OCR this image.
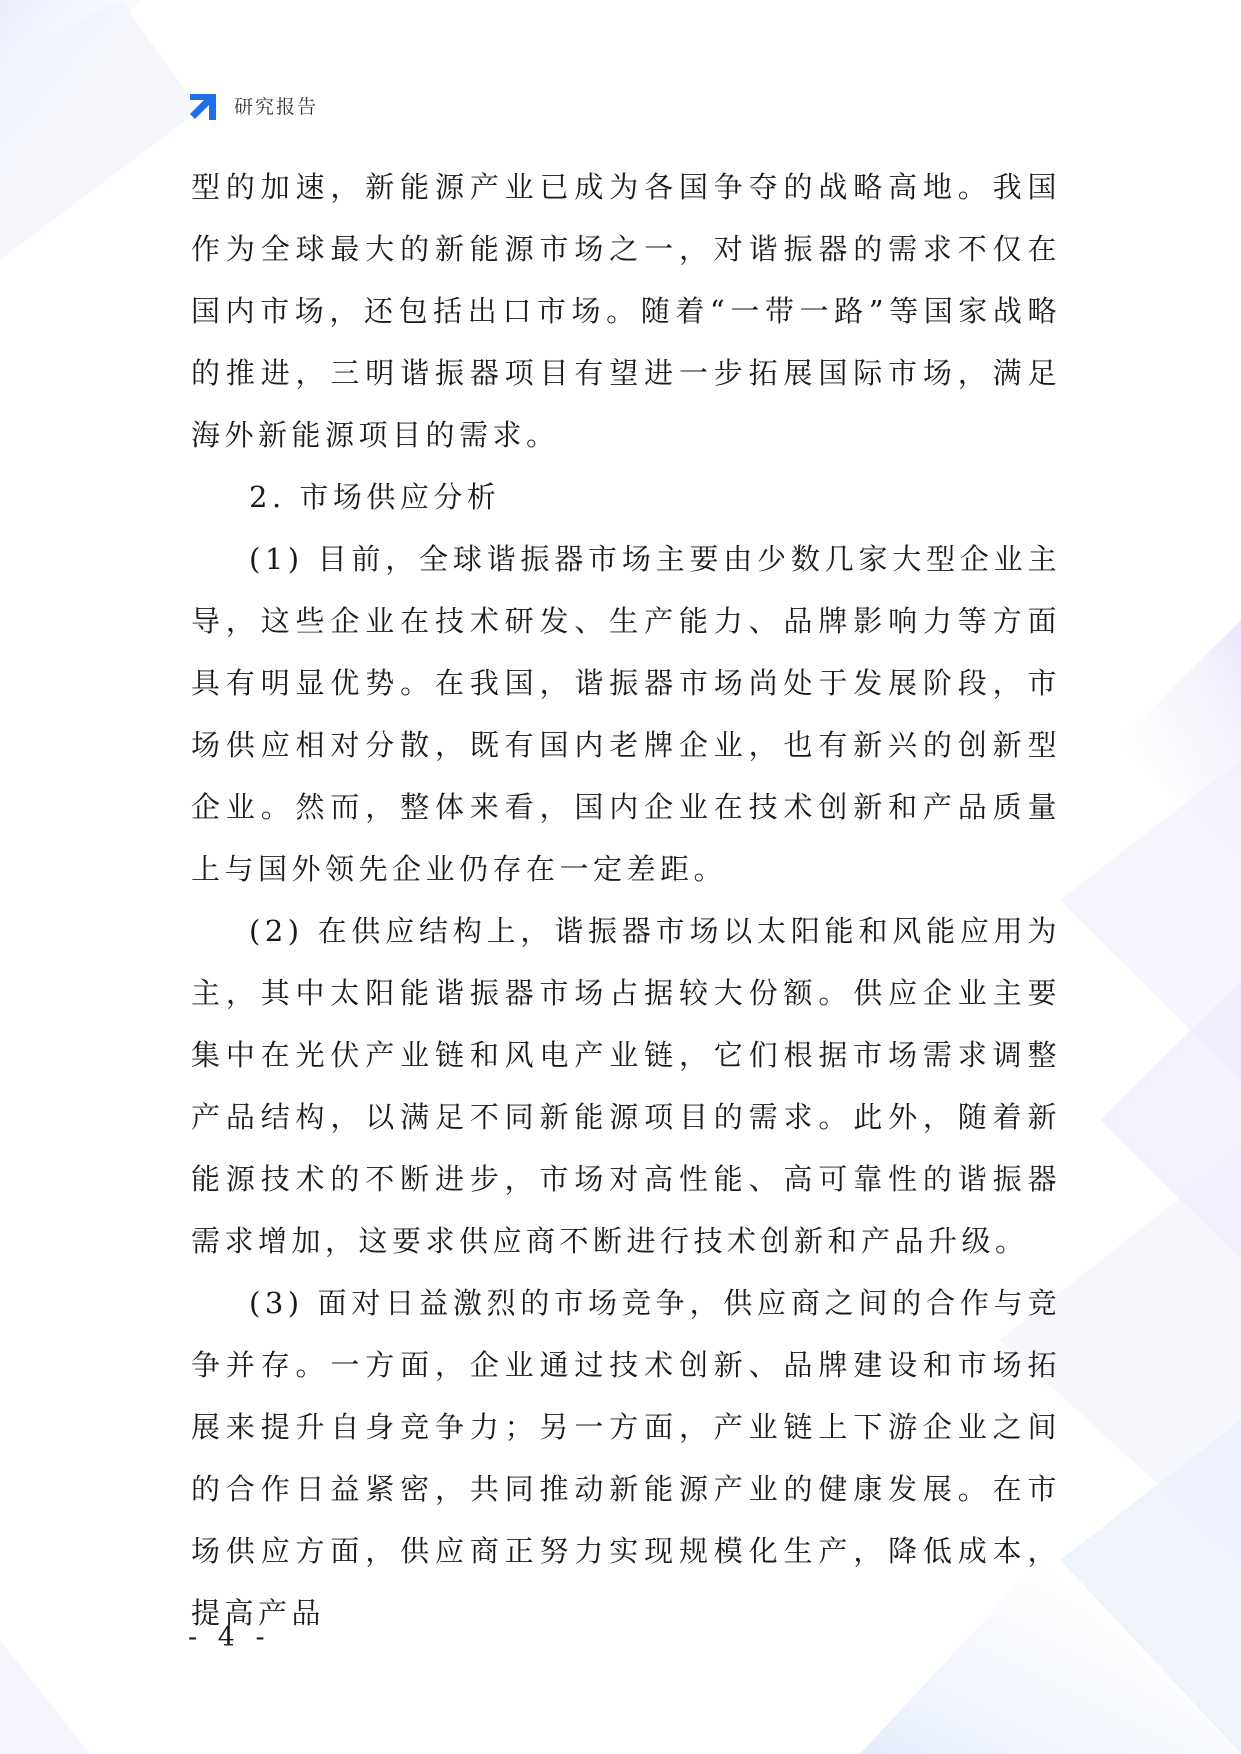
研究报告

型的加速，新能源产业已成为各国争夺的战略高地。我国作为全球最大的新能源市场之一，对谐振器的需求不仅在国内市场，还包括出口市场。随着“一带一路”等国家战略的推进，三明谐振器项目有望进一步拓展国际市场，满足海外新能源项目的需求。

2. 市场供应分析

(1) 目前，全球谐振器市场主要由少数几家大型企业主导，这些企业在技术研发、生产能力、品牌影响力等方面具有明显优势。在我国，谐振器市场尚处于发展阶段，市场供应相对分散，既有国内老牌企业，也有新兴的创新型企业。然而，整体来看，国内企业在技术创新和产品质量上与国外领先企业仍存在一定差距。

(2) 在供应结构上，谐振器市场以太阳能和风能应用为主，其中太阳能谐振器市场占据较大份额。供应企业主要集中在光伏产业链和风电产业链，它们根据市场需求调整产品结构，以满足不同新能源项目的需求。此外，随着新能源技术的不断进步，市场对高性能、高可靠性的谐振器需求增加，这要求供应商不断进行技术创新和产品升级。

(3) 面对日益激烈的市场竞争，供应商之间的合作与竞争并存。一方面，企业通过技术创新、品牌建设和市场拓展来提升自身竞争力；另一方面，产业链上下游企业之间的合作日益紧密，共同推动新能源产业的健康发展。在市场供应方面，供应商正努力实现规模化生产，降低成本，提高产品

- 4 -
